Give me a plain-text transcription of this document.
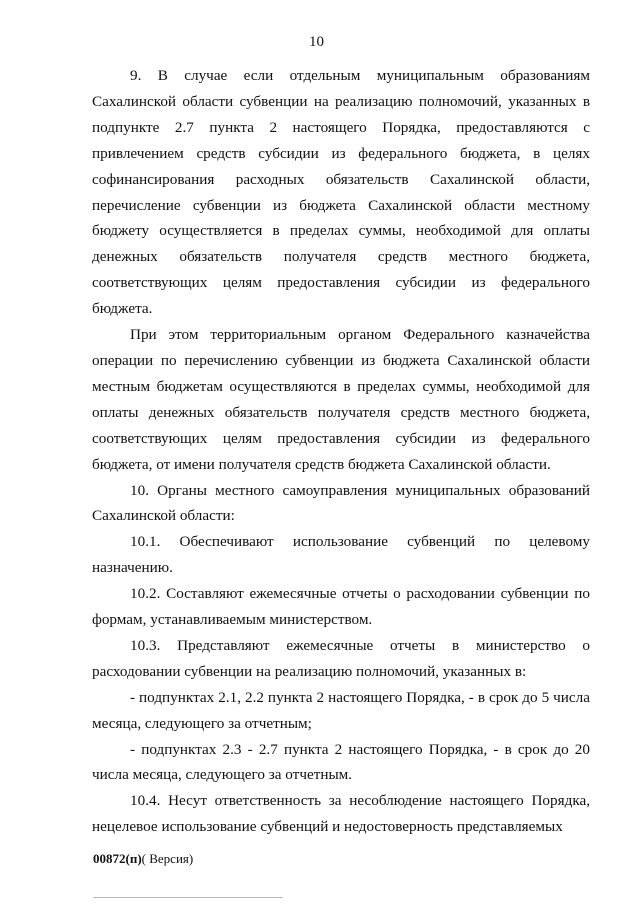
10

9. В случае если отдельным муниципальным образованиям Сахалинской области субвенции на реализацию полномочий, указанных в подпункте 2.7 пункта 2 настоящего Порядка, предоставляются с привлечением средств субсидии из федерального бюджета, в целях софинансирования расходных обязательств Сахалинской области, перечисление субвенции из бюджета Сахалинской области местному бюджету осуществляется в пределах суммы, необходимой для оплаты денежных обязательств получателя средств местного бюджета, соответствующих целям предоставления субсидии из федерального бюджета.

При этом территориальным органом Федерального казначейства операции по перечислению субвенции из бюджета Сахалинской области местным бюджетам осуществляются в пределах суммы, необходимой для оплаты денежных обязательств получателя средств местного бюджета, соответствующих целям предоставления субсидии из федерального бюджета, от имени получателя средств бюджета Сахалинской области.

10. Органы местного самоуправления муниципальных образований Сахалинской области:

10.1. Обеспечивают использование субвенций по целевому назначению.

10.2. Составляют ежемесячные отчеты о расходовании субвенции по формам, устанавливаемым министерством.

10.3. Представляют ежемесячные отчеты в министерство о расходовании субвенции на реализацию полномочий, указанных в:

- подпунктах 2.1, 2.2 пункта 2 настоящего Порядка, - в срок до 5 числа месяца, следующего за отчетным;

- подпунктах 2.3 - 2.7 пункта 2 настоящего Порядка, - в срок до 20 числа месяца, следующего за отчетным.

10.4. Несут ответственность за несоблюдение настоящего Порядка, нецелевое использование субвенций и недостоверность представляемых

00872(п)( Версия)
